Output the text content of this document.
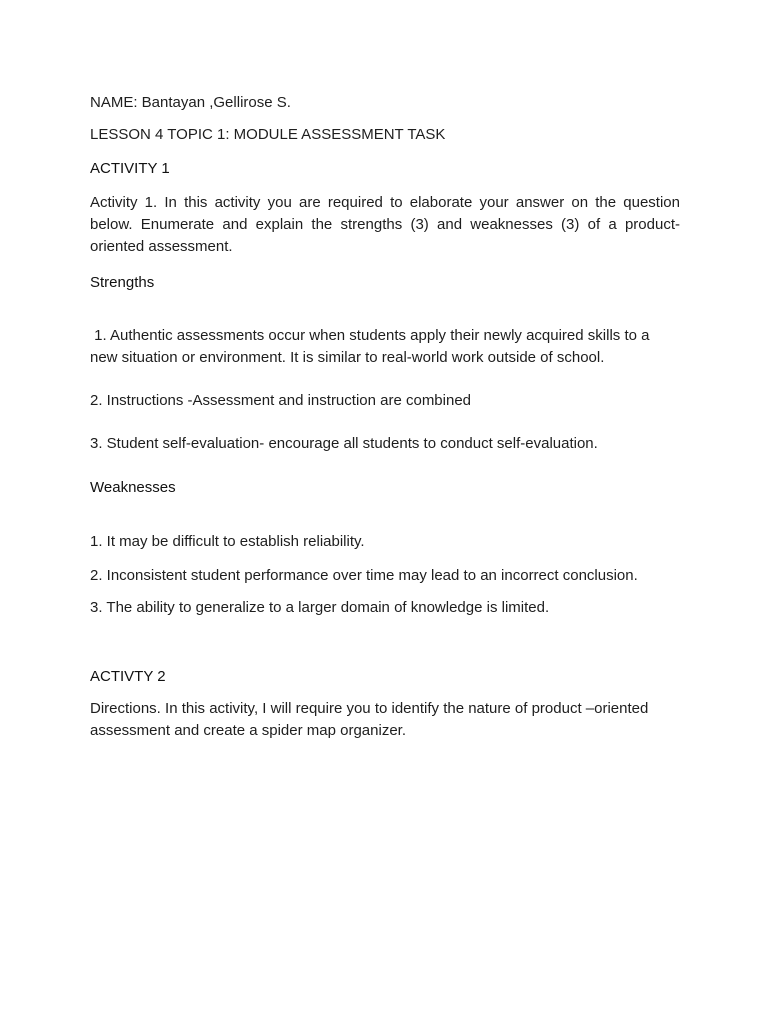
NAME: Bantayan ,Gellirose S.

LESSON 4 TOPIC 1: MODULE ASSESSMENT TASK

ACTIVITY 1

Activity 1. In this activity you are required to elaborate your answer on the question below. Enumerate and explain the strengths (3) and weaknesses (3) of a product-oriented assessment.

Strengths

1. Authentic assessments occur when students apply their newly acquired skills to a new situation or environment. It is similar to real-world work outside of school.

2. Instructions -Assessment and instruction are combined

3. Student self-evaluation- encourage all students to conduct self-evaluation.

Weaknesses

1. It may be difficult to establish reliability.

2. Inconsistent student performance over time may lead to an incorrect conclusion.

3. The ability to generalize to a larger domain of knowledge is limited.

ACTIVTY 2

Directions. In this activity, I will require you to identify the nature of product –oriented assessment and create a spider map organizer.
